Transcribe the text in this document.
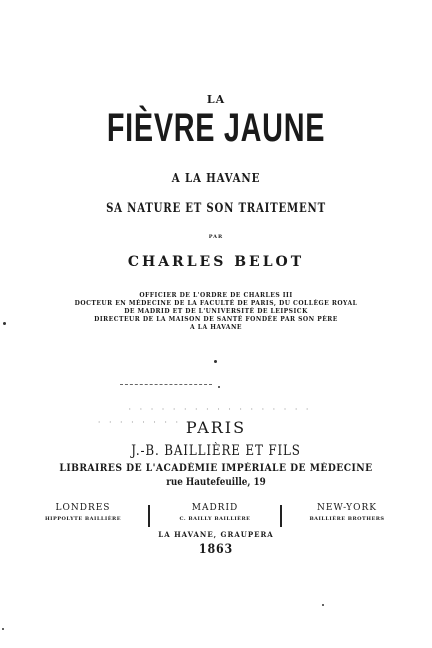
LA
FIÈVRE JAUNE
A LA HAVANE
SA NATURE ET SON TRAITEMENT
PAR
CHARLES BELOT
OFFICIER DE L'ORDRE DE CHARLES III
DOCTEUR EN MÉDECINE DE LA FACULTÉ DE PARIS, DU COLLÈGE ROYAL
DE MADRID ET DE L'UNIVERSITÉ DE LEIPSICK
DIRECTEUR DE LA MAISON DE SANTÉ FONDÉE PAR SON PÈRE
A LA HAVANE
· · · · · · · · · · · · · · · · ·
· · · · · · · · ·
PARIS
J.-B. BAILLIÈRE ET FILS
LIBRAIRES DE L'ACADÉMIE IMPÉRIALE DE MÉDECINE
rue Hautefeuille, 19
LONDRES
HIPPOLYTE BAILLIÈRE
MADRID
C. BAILLY BAILLIÈRE
NEW-YORK
BAILLIÈRE BROTHERS
LA HAVANE, GRAUPERA
1863
